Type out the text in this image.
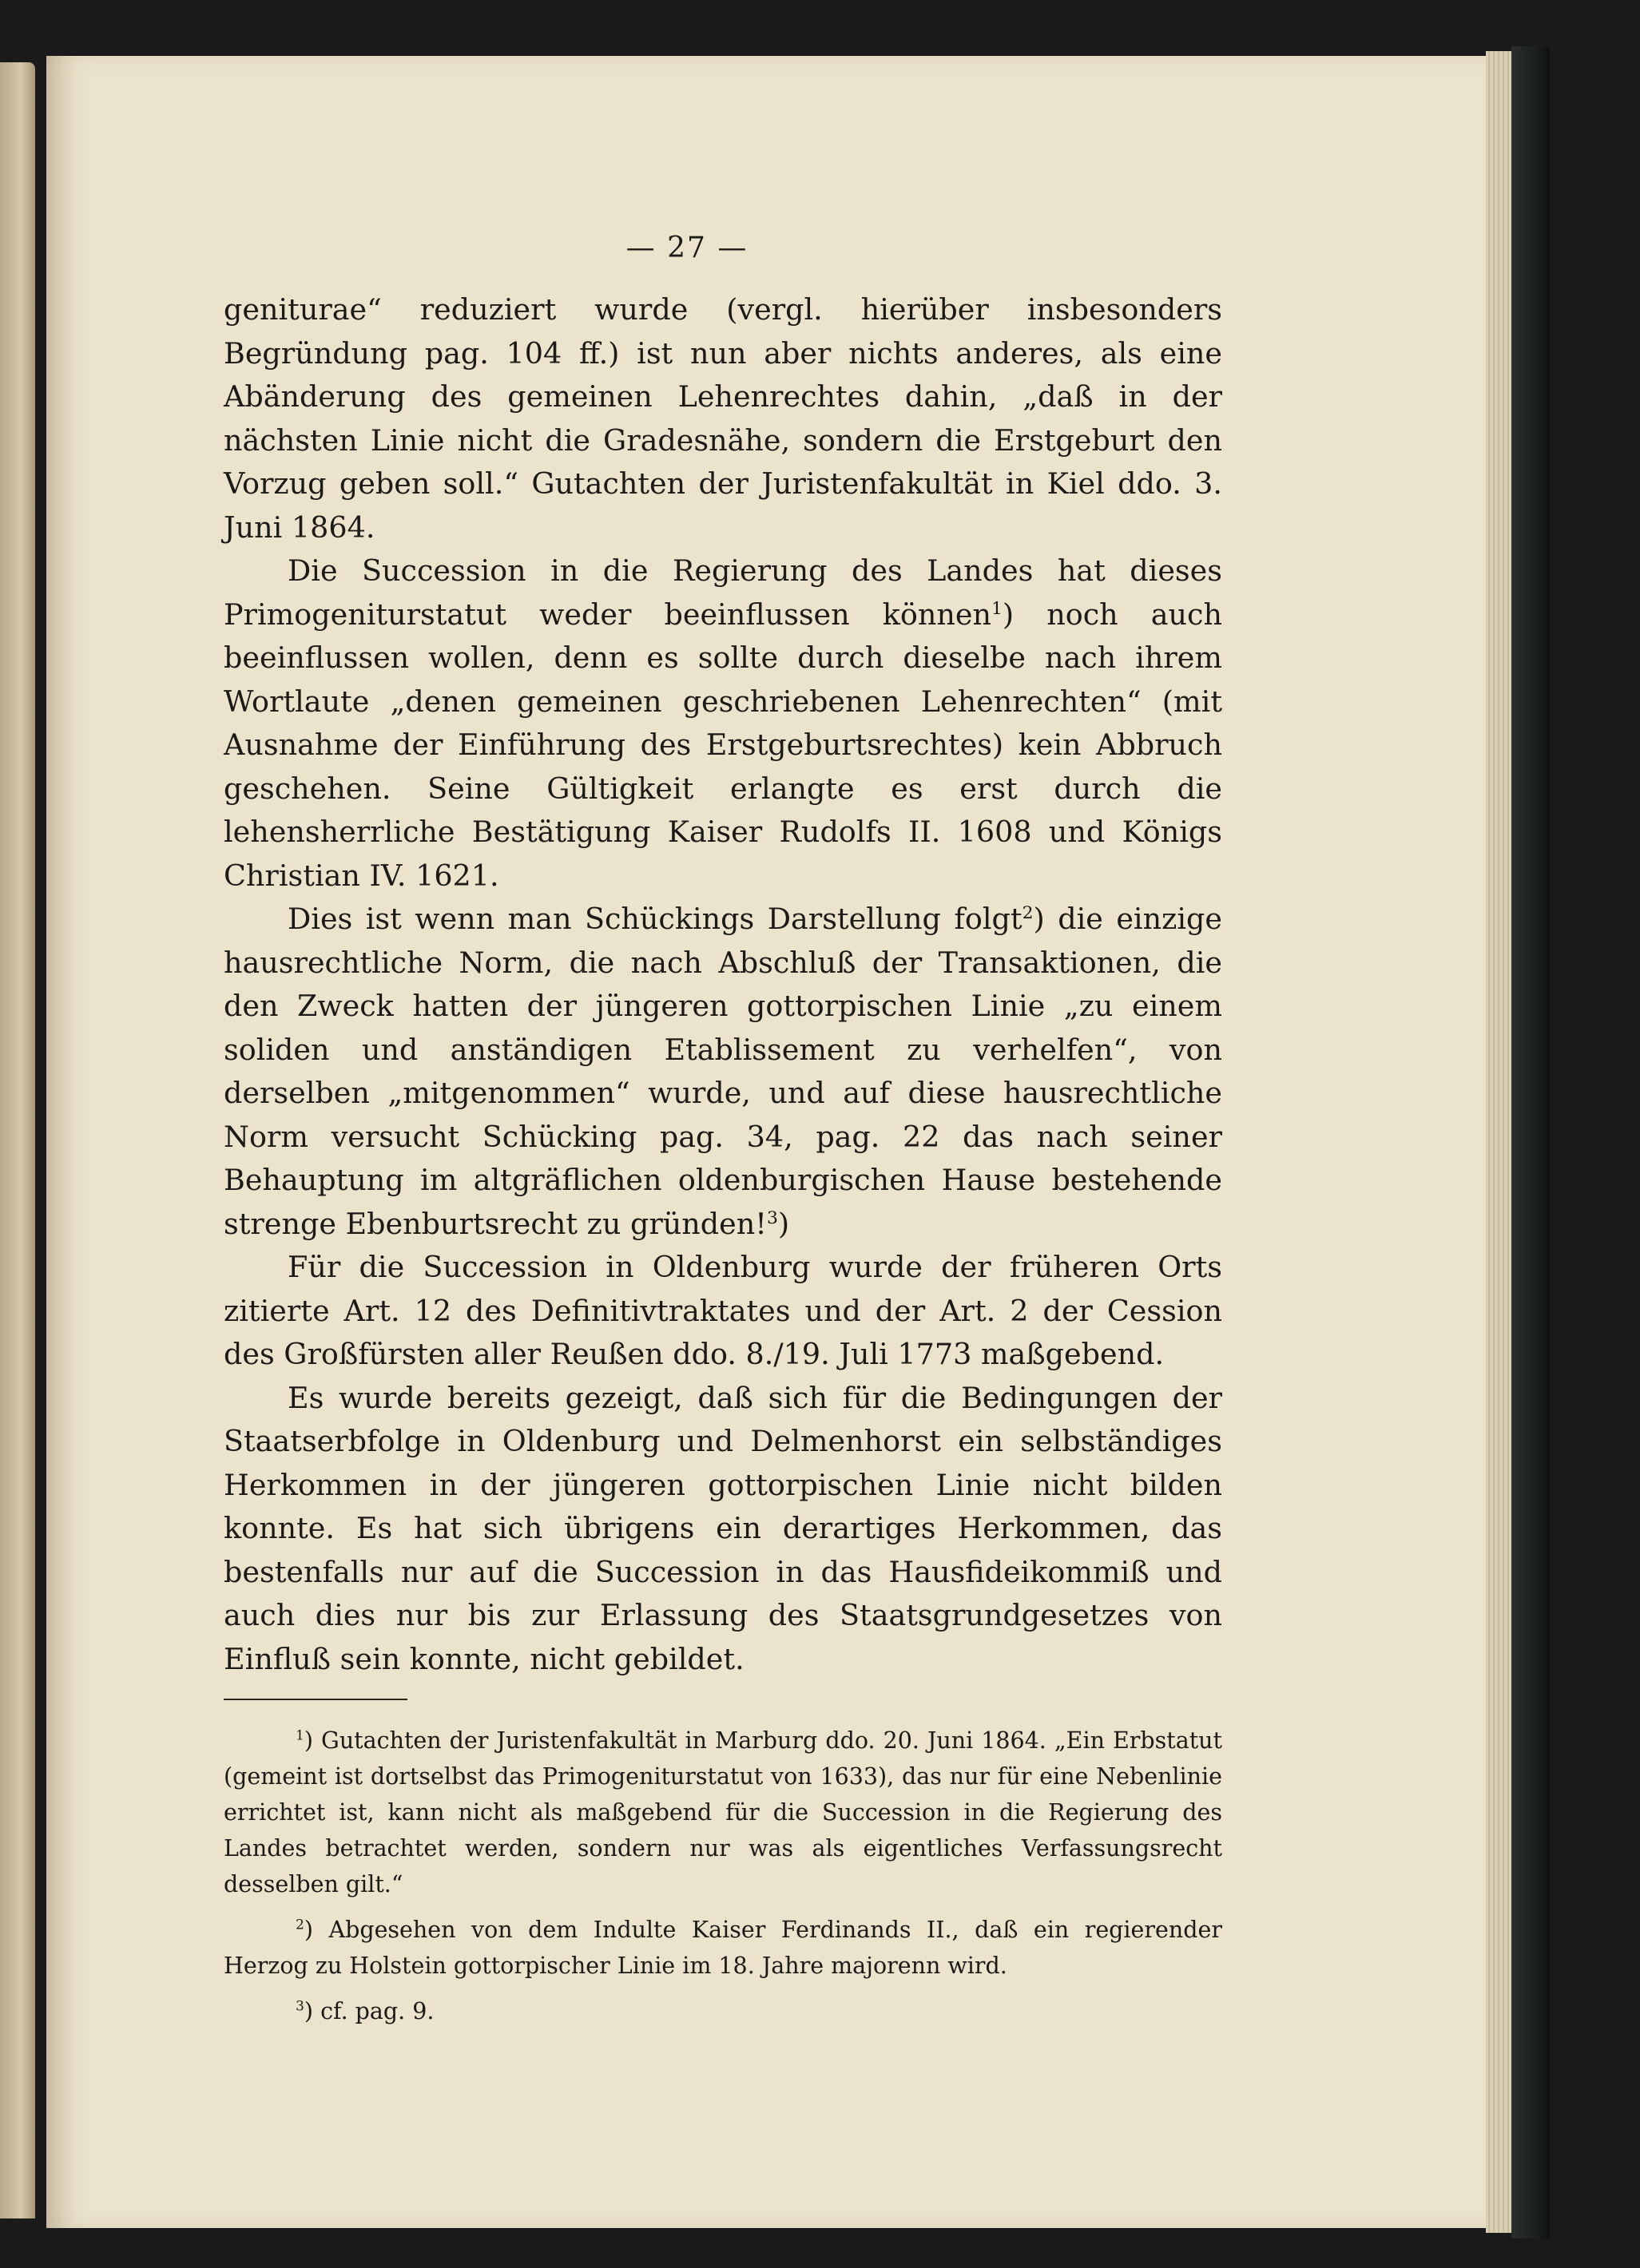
— 27 —

geniturae“ reduziert wurde (vergl. hierüber insbesonders Begründung pag. 104 ff.) ist nun aber nichts anderes, als eine Abänderung des gemeinen Lehenrechtes dahin, „daß in der nächsten Linie nicht die Gradesnähe, sondern die Erstgeburt den Vorzug geben soll.“ Gutachten der Juristenfakultät in Kiel ddo. 3. Juni 1864.

Die Succession in die Regierung des Landes hat dieses Primogeniturstatut weder beeinflussen können$^1$) noch auch beeinflussen wollen, denn es sollte durch dieselbe nach ihrem Wortlaute „denen gemeinen geschriebenen Lehenrechten“ (mit Ausnahme der Einführung des Erstgeburtsrechtes) kein Abbruch geschehen. Seine Gültigkeit erlangte es erst durch die lehensherrliche Bestätigung Kaiser Rudolfs II. 1608 und Königs Christian IV. 1621.

Dies ist wenn man Schückings Darstellung folgt$^2$) die einzige hausrechtliche Norm, die nach Abschluß der Transaktionen, die den Zweck hatten der jüngeren gottorpischen Linie „zu einem soliden und anständigen Etablissement zu verhelfen“, von derselben „mitgenommen“ wurde, und auf diese hausrechtliche Norm versucht Schücking pag. 34, pag. 22 das nach seiner Behauptung im altgräflichen oldenburgischen Hause bestehende strenge Ebenburtsrecht zu gründen!$^3$)

Für die Succession in Oldenburg wurde der früheren Orts zitierte Art. 12 des Definitivtraktates und der Art. 2 der Cession des Großfürsten aller Reußen ddo. 8./19. Juli 1773 maßgebend.

Es wurde bereits gezeigt, daß sich für die Bedingungen der Staatserbfolge in Oldenburg und Delmenhorst ein selbständiges Herkommen in der jüngeren gottorpischen Linie nicht bilden konnte. Es hat sich übrigens ein derartiges Herkommen, das bestenfalls nur auf die Succession in das Hausfideikommiß und auch dies nur bis zur Erlassung des Staatsgrundgesetzes von Einfluß sein konnte, nicht gebildet.

$^1$) Gutachten der Juristenfakultät in Marburg ddo. 20. Juni 1864. „Ein Erbstatut (gemeint ist dortselbst das Primogeniturstatut von 1633), das nur für eine Nebenlinie errichtet ist, kann nicht als maßgebend für die Succession in die Regierung des Landes betrachtet werden, sondern nur was als eigentliches Verfassungsrecht desselben gilt.“

$^2$) Abgesehen von dem Indulte Kaiser Ferdinands II., daß ein regierender Herzog zu Holstein gottorpischer Linie im 18. Jahre majorenn wird.

$^3$) cf. pag. 9.
